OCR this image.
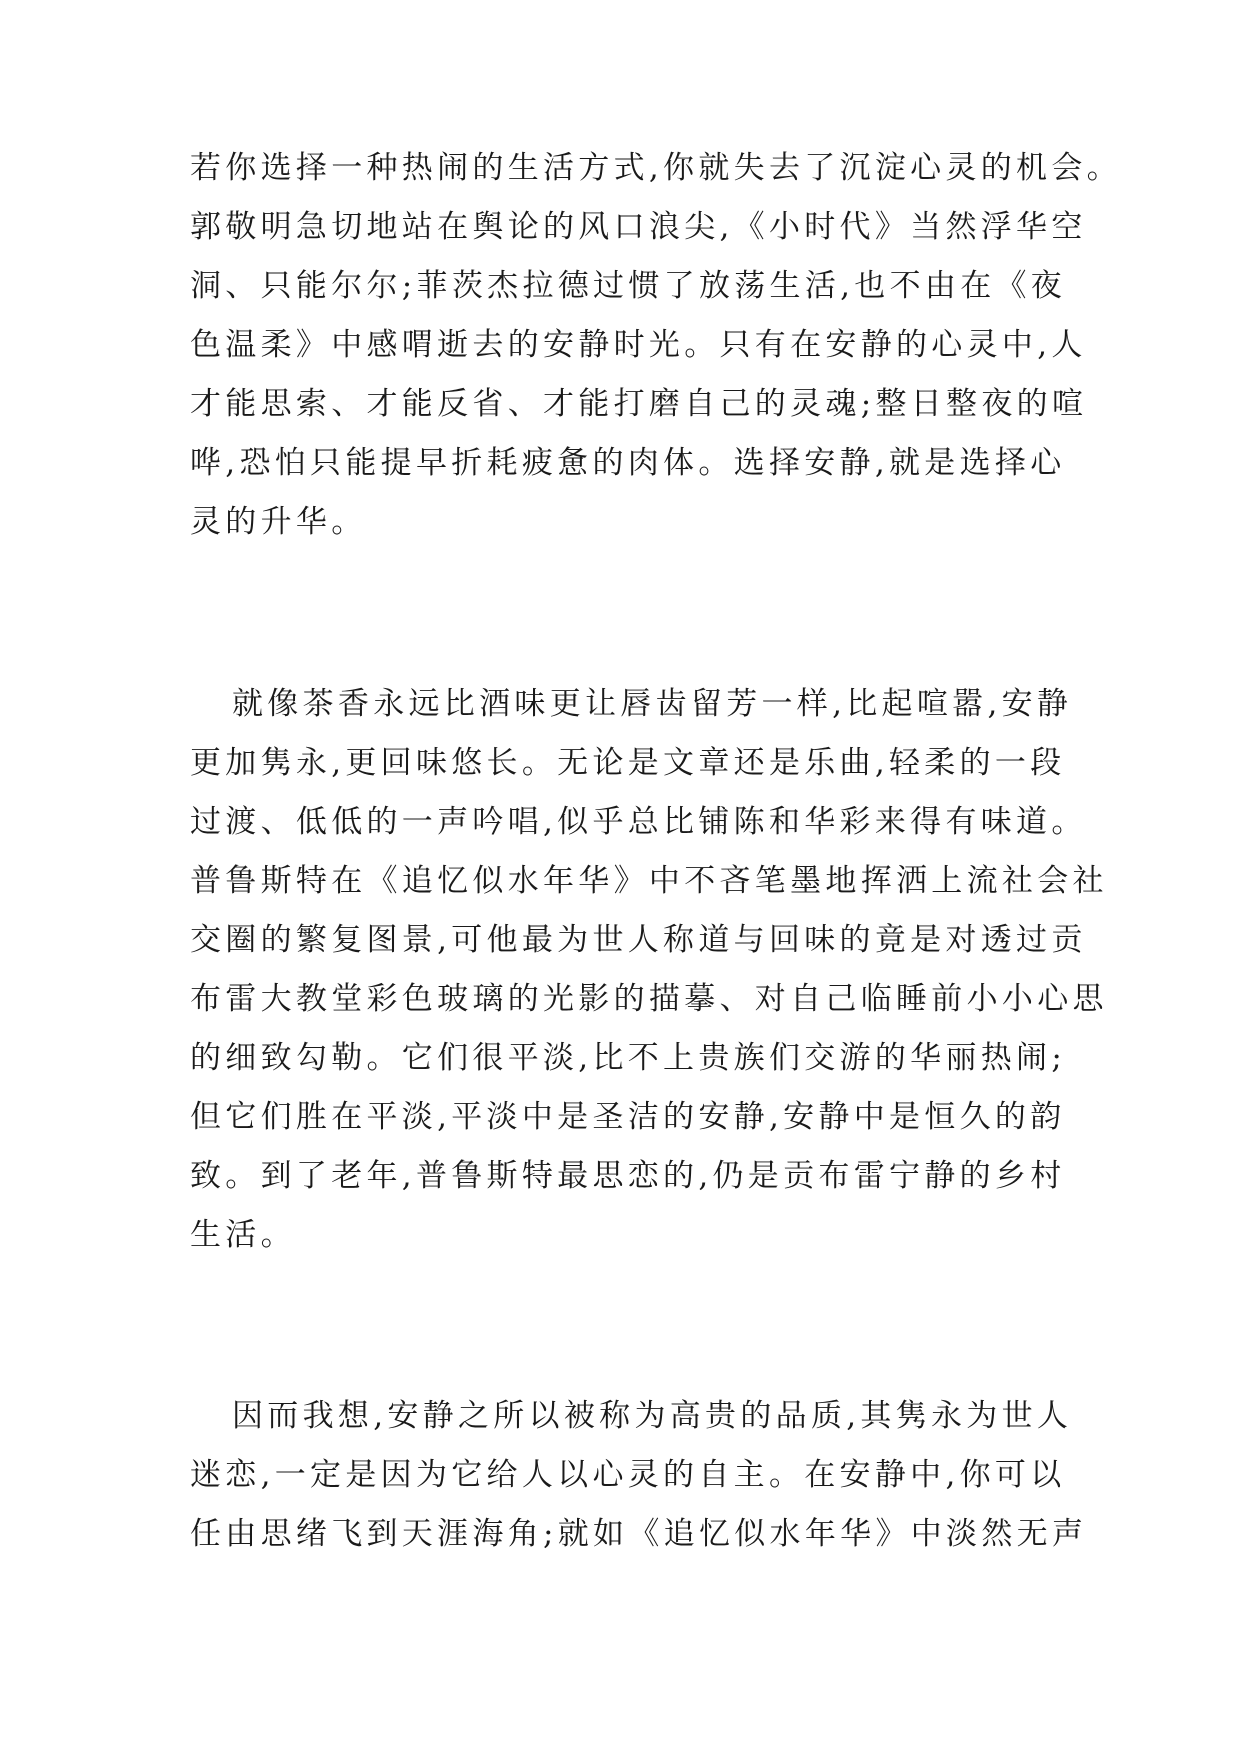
若你选择一种热闹的生活方式,你就失去了沉淀心灵的机会。
郭敬明急切地站在舆论的风口浪尖,《小时代》当然浮华空
洞、只能尔尔;菲茨杰拉德过惯了放荡生活,也不由在《夜
色温柔》中感喟逝去的安静时光。只有在安静的心灵中,人
才能思索、才能反省、才能打磨自己的灵魂;整日整夜的喧
哗,恐怕只能提早折耗疲惫的肉体。选择安静,就是选择心
灵的升华。
就像茶香永远比酒味更让唇齿留芳一样,比起喧嚣,安静
更加隽永,更回味悠长。无论是文章还是乐曲,轻柔的一段
过渡、低低的一声吟唱,似乎总比铺陈和华彩来得有味道。
普鲁斯特在《追忆似水年华》中不吝笔墨地挥洒上流社会社
交圈的繁复图景,可他最为世人称道与回味的竟是对透过贡
布雷大教堂彩色玻璃的光影的描摹、对自己临睡前小小心思
的细致勾勒。它们很平淡,比不上贵族们交游的华丽热闹;
但它们胜在平淡,平淡中是圣洁的安静,安静中是恒久的韵
致。到了老年,普鲁斯特最思恋的,仍是贡布雷宁静的乡村
生活。
因而我想,安静之所以被称为高贵的品质,其隽永为世人
迷恋,一定是因为它给人以心灵的自主。在安静中,你可以
任由思绪飞到天涯海角;就如《追忆似水年华》中淡然无声
